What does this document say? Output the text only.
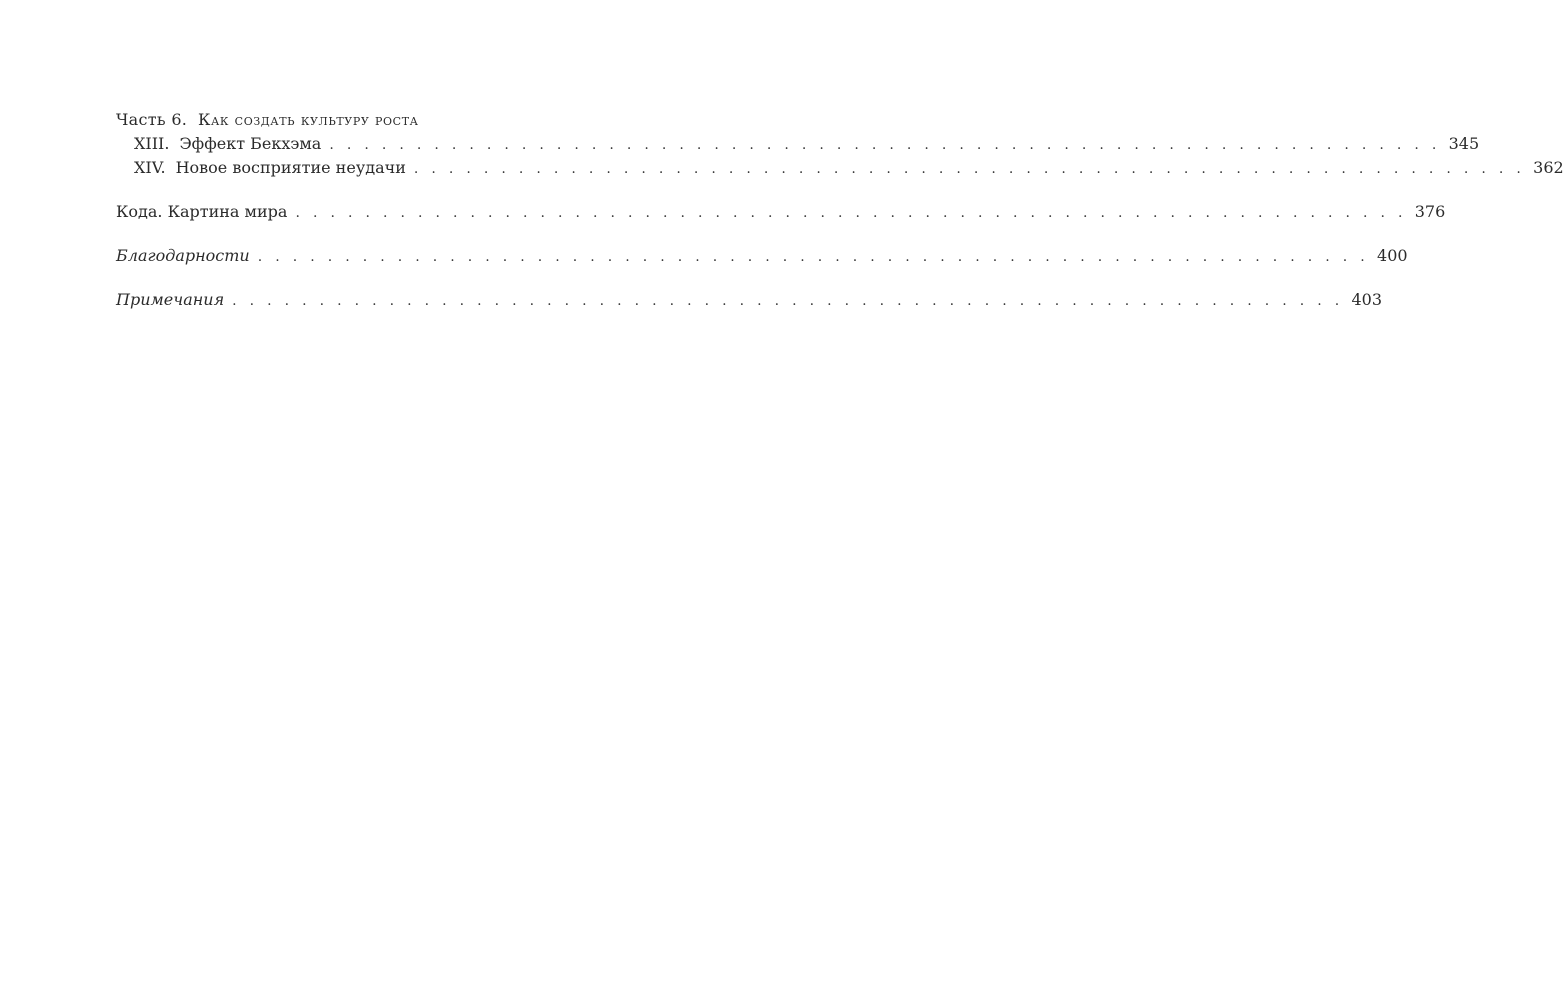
Часть 6. Как создать культуру роста
XIII. Эффект Бекхэма . . . . . . . . . . . . . . . . . . . . . . . . . . . . . . . . . . . . . . . . . . . . . . . . . . . . . . . . . . . . . . . . 345
XIV. Новое восприятие неудачи . . . . . . . . . . . . . . . . . . . . . . . . . . . . . . . . . . . . . . . . . . . . . . . . . . . . . . . . . . . . . . . . 362
Кода. Картина мира . . . . . . . . . . . . . . . . . . . . . . . . . . . . . . . . . . . . . . . . . . . . . . . . . . . . . . . . . . . . . . . . 376
Благодарности . . . . . . . . . . . . . . . . . . . . . . . . . . . . . . . . . . . . . . . . . . . . . . . . . . . . . . . . . . . . . . . . 400
Примечания . . . . . . . . . . . . . . . . . . . . . . . . . . . . . . . . . . . . . . . . . . . . . . . . . . . . . . . . . . . . . . . . 403
